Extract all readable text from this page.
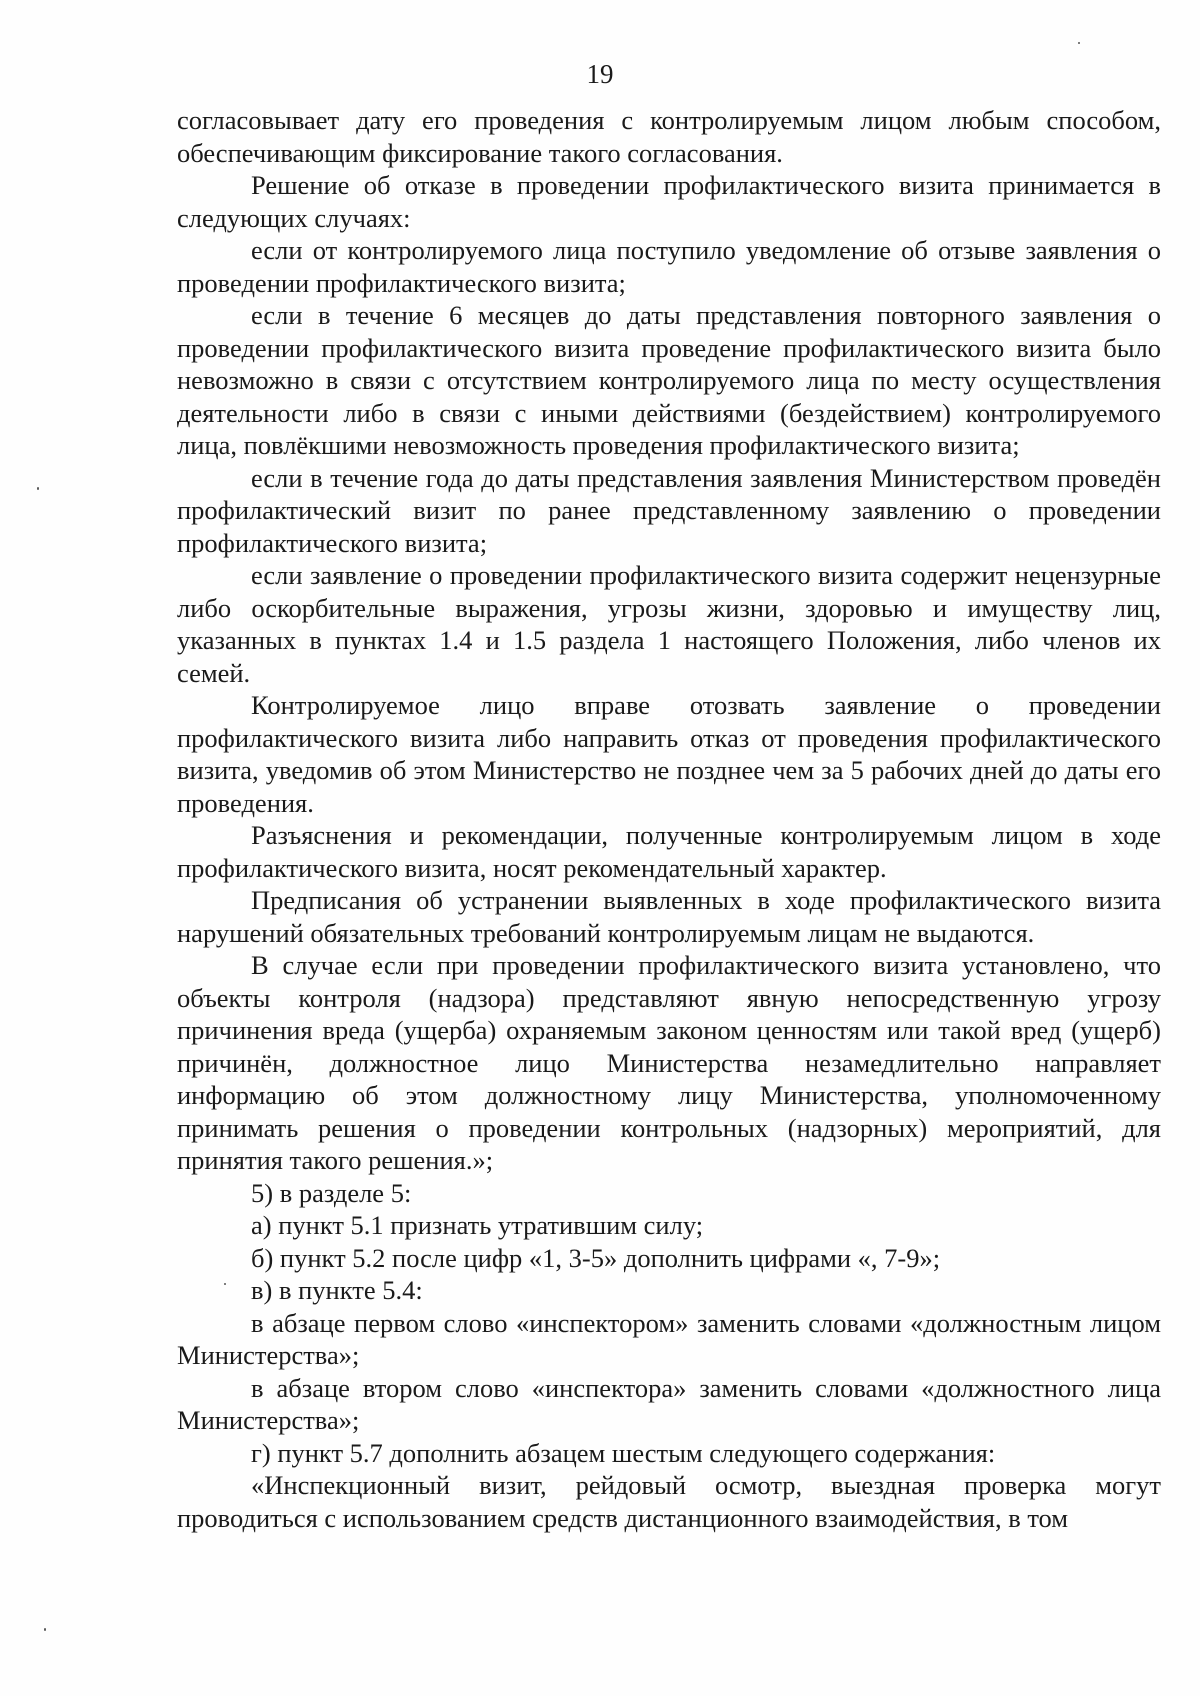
19

согласовывает дату его проведения с контролируемым лицом любым способом, обеспечивающим фиксирование такого согласования.

Решение об отказе в проведении профилактического визита принимается в следующих случаях:

если от контролируемого лица поступило уведомление об отзыве заявления о проведении профилактического визита;

если в течение 6 месяцев до даты представления повторного заявления о проведении профилактического визита проведение профилактического визита было невозможно в связи с отсутствием контролируемого лица по месту осуществления деятельности либо в связи с иными действиями (бездействием) контролируемого лица, повлёкшими невозможность проведения профилактического визита;

если в течение года до даты представления заявления Министерством проведён профилактический визит по ранее представленному заявлению о проведении профилактического визита;

если заявление о проведении профилактического визита содержит нецензурные либо оскорбительные выражения, угрозы жизни, здоровью и имуществу лиц, указанных в пунктах 1.4 и 1.5 раздела 1 настоящего Положения, либо членов их семей.

Контролируемое лицо вправе отозвать заявление о проведении профилактического визита либо направить отказ от проведения профилактического визита, уведомив об этом Министерство не позднее чем за 5 рабочих дней до даты его проведения.

Разъяснения и рекомендации, полученные контролируемым лицом в ходе профилактического визита, носят рекомендательный характер.

Предписания об устранении выявленных в ходе профилактического визита нарушений обязательных требований контролируемым лицам не выдаются.

В случае если при проведении профилактического визита установлено, что объекты контроля (надзора) представляют явную непосредственную угрозу причинения вреда (ущерба) охраняемым законом ценностям или такой вред (ущерб) причинён, должностное лицо Министерства незамедлительно направляет информацию об этом должностному лицу Министерства, уполномоченному принимать решения о проведении контрольных (надзорных) мероприятий, для принятия такого решения.»;

5) в разделе 5:

а) пункт 5.1 признать утратившим силу;

б) пункт 5.2 после цифр «1, 3-5» дополнить цифрами «, 7-9»;

в) в пункте 5.4:

в абзаце первом слово «инспектором» заменить словами «должностным лицом Министерства»;

в абзаце втором слово «инспектора» заменить словами «должностного лица Министерства»;

г) пункт 5.7 дополнить абзацем шестым следующего содержания:

«Инспекционный визит, рейдовый осмотр, выездная проверка могут проводиться с использованием средств дистанционного взаимодействия, в том
